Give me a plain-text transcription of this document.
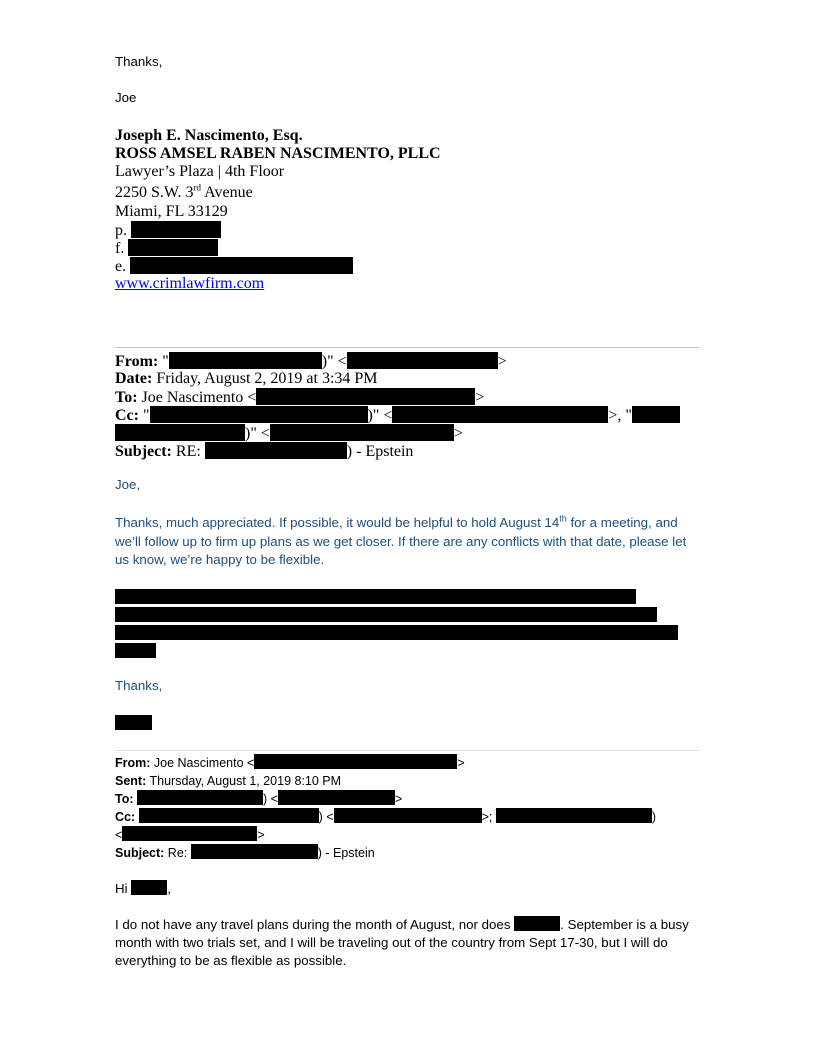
Thanks,
Joe
Joseph E. Nascimento, Esq.
ROSS AMSEL RABEN NASCIMENTO, PLLC
Lawyer’s Plaza | 4th Floor
2250 S.W. 3rd Avenue
Miami, FL 33129
p.
f.
e.
www.crimlawfirm.com
From: "	)" <	>
Date: Friday, August 2, 2019 at 3:34 PM
To: Joe Nascimento <	>
Cc: "	)" <	>, "
)" <	>
Subject: RE:	) - Epstein
Joe,
Thanks, much appreciated. If possible, it would be helpful to hold August 14th for a meeting, and
we’ll follow up to firm up plans as we get closer. If there are any conflicts with that date, please let
us know, we’re happy to be flexible.
Thanks,
From: Joe Nascimento <	>
Sent: Thursday, August 1, 2019 8:10 PM
To:	) <	>
Cc:	) <	>;	)
<	>
Subject: Re:	) - Epstein
Hi	,
I do not have any travel plans during the month of August, nor does	. September is a busy
month with two trials set, and I will be traveling out of the country from Sept 17-30, but I will do
everything to be as flexible as possible.
